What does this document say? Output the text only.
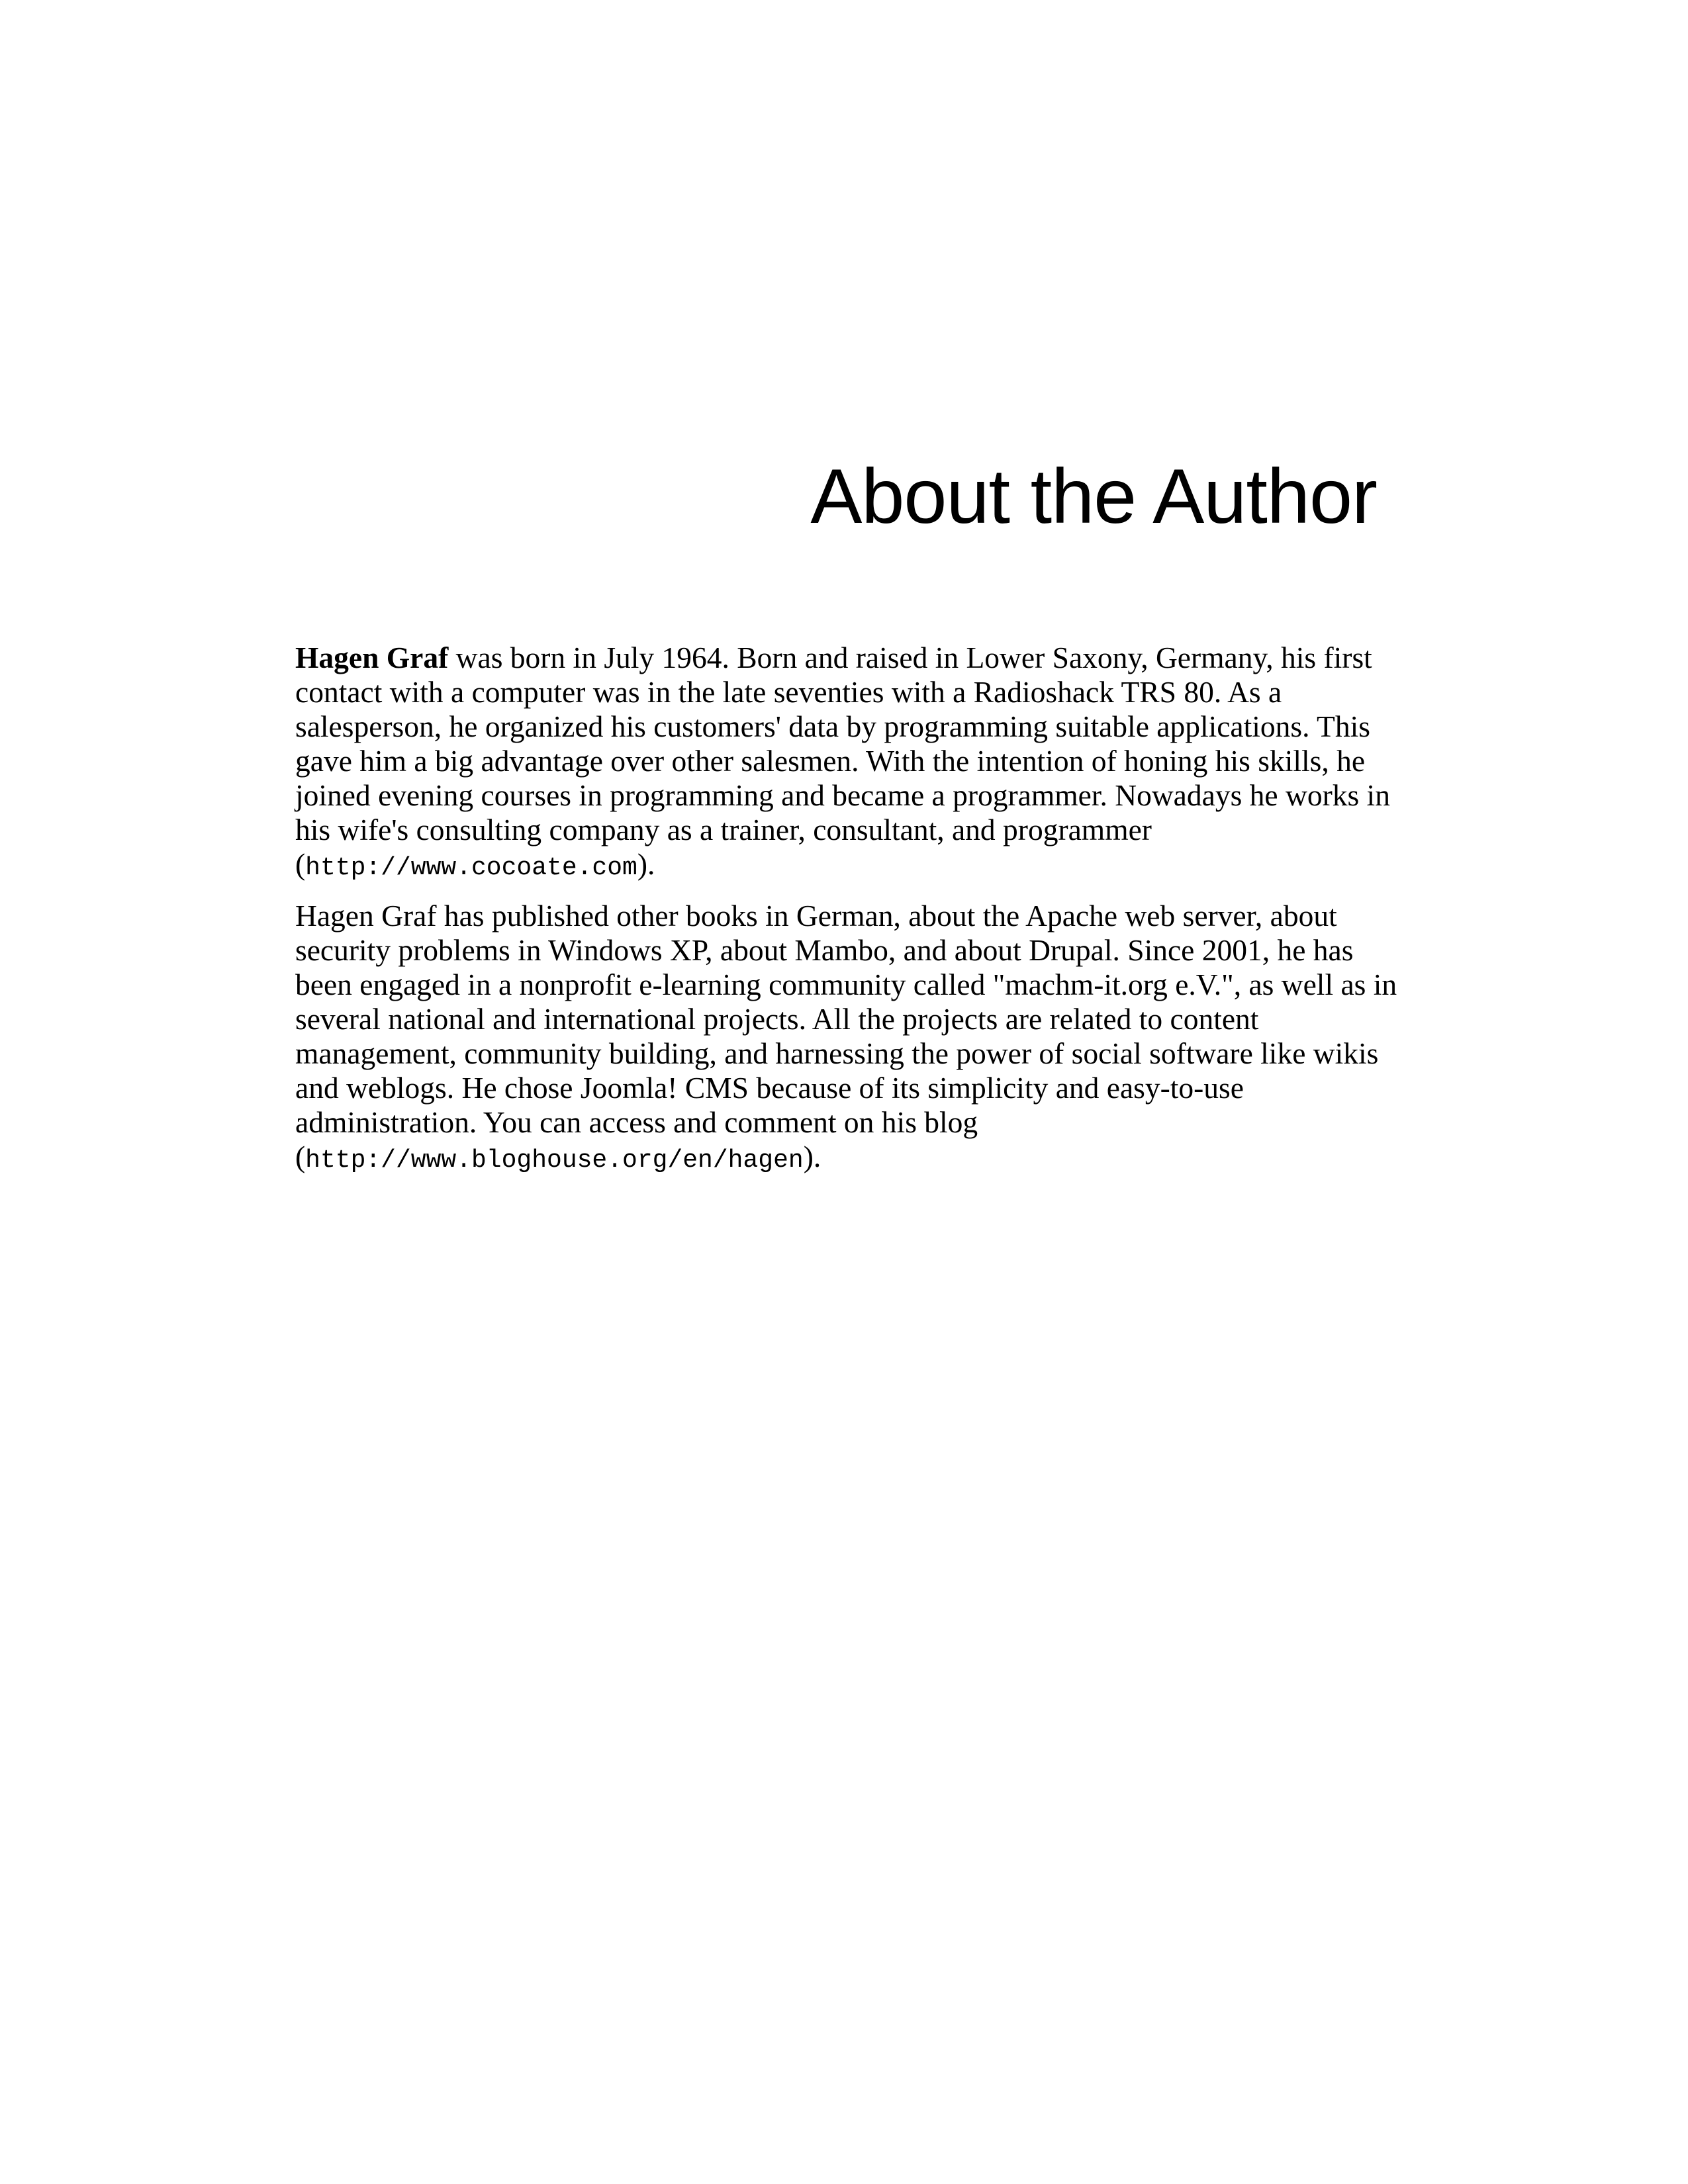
About the Author

Hagen Graf was born in July 1964. Born and raised in Lower Saxony, Germany, his first contact with a computer was in the late seventies with a Radioshack TRS 80. As a salesperson, he organized his customers' data by programming suitable applications. This gave him a big advantage over other salesmen. With the intention of honing his skills, he joined evening courses in programming and became a programmer. Nowadays he works in his wife's consulting company as a trainer, consultant, and programmer (http://www.cocoate.com).

Hagen Graf has published other books in German, about the Apache web server, about security problems in Windows XP, about Mambo, and about Drupal. Since 2001, he has been engaged in a nonprofit e-learning community called "machm-it.org e.V.", as well as in several national and international projects. All the projects are related to content management, community building, and harnessing the power of social software like wikis and weblogs. He chose Joomla! CMS because of its simplicity and easy-to-use administration. You can access and comment on his blog (http://www.bloghouse.org/en/hagen).
